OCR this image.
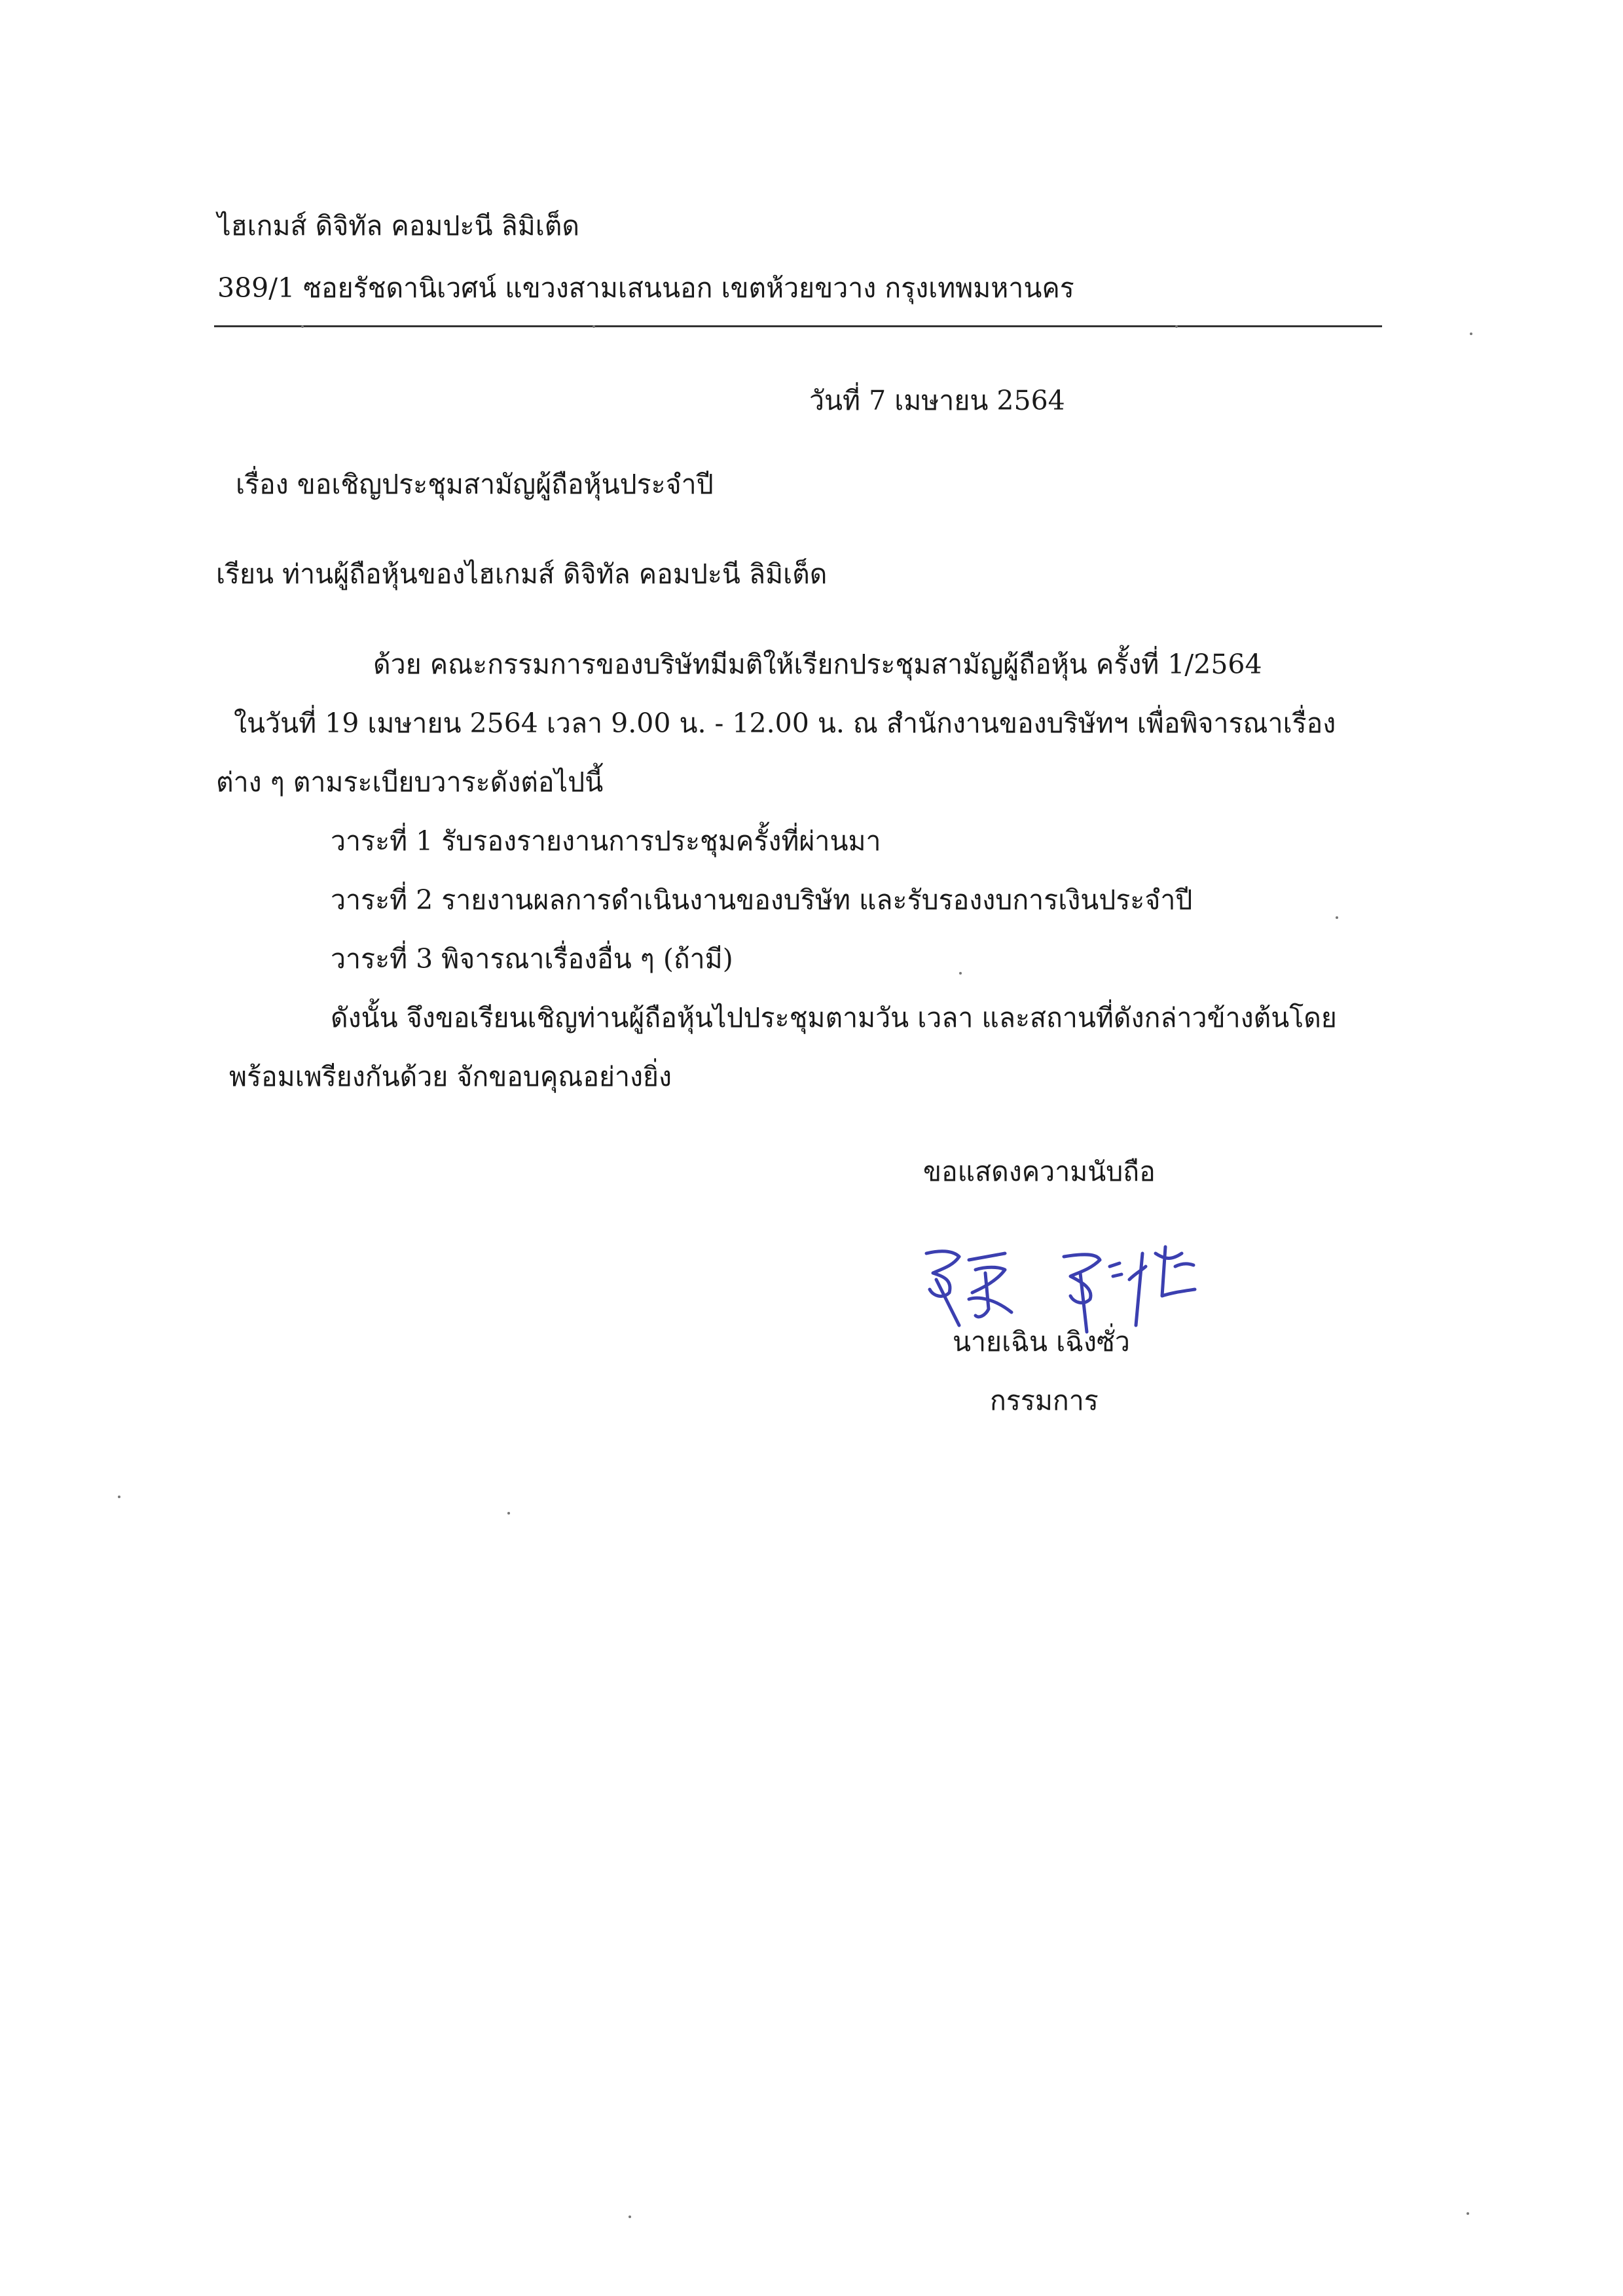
ไฮเกมส์ ดิจิทัล คอมปะนี ลิมิเต็ด
389/1 ซอยรัชดานิเวศน์ แขวงสามเสนนอก เขตห้วยขวาง กรุงเทพมหานคร
วันที่ 7 เมษายน 2564
เรื่อง ขอเชิญประชุมสามัญผู้ถือหุ้นประจำปี
เรียน ท่านผู้ถือหุ้นของไฮเกมส์ ดิจิทัล คอมปะนี ลิมิเต็ด
ด้วย คณะกรรมการของบริษัทมีมติให้เรียกประชุมสามัญผู้ถือหุ้น ครั้งที่ 1/2564
ในวันที่ 19 เมษายน 2564 เวลา 9.00 น. - 12.00 น. ณ สำนักงานของบริษัทฯ เพื่อพิจารณาเรื่อง
ต่าง ๆ ตามระเบียบวาระดังต่อไปนี้
วาระที่ 1 รับรองรายงานการประชุมครั้งที่ผ่านมา
วาระที่ 2 รายงานผลการดำเนินงานของบริษัท และรับรองงบการเงินประจำปี
วาระที่ 3 พิจารณาเรื่องอื่น ๆ (ถ้ามี)
ดังนั้น จึงขอเรียนเชิญท่านผู้ถือหุ้นไปประชุมตามวัน เวลา และสถานที่ดังกล่าวข้างต้นโดย
พร้อมเพรียงกันด้วย จักขอบคุณอย่างยิ่ง
ขอแสดงความนับถือ
นายเฉิน เฉิงซั่ว
กรรมการ
